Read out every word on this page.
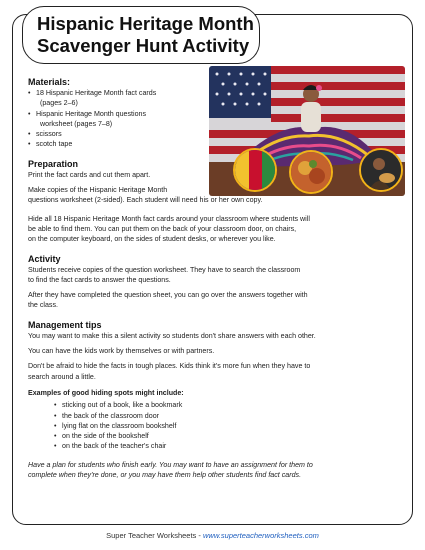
Hispanic Heritage Month
Scavenger Hunt Activity
Materials:
• 18 Hispanic Heritage Month fact cards
(pages 2–6)
• Hispanic Heritage Month questions
worksheet (pages 7–8)
• scissors
• scotch tape
Preparation

Print the fact cards and cut them apart.

Make copies of the Hispanic Heritage Month
questions worksheet (2-sided). Each student will need his or her own copy.

Hide all 18 Hispanic Heritage Month fact cards around your classroom where students will
be able to find them. You can put them on the back of your classroom door, on chairs,
on the computer keyboard, on the sides of student desks, or wherever you like.

Activity

Students receive copies of the question worksheet. They have to search the classroom
to find the fact cards to answer the questions.

After they have completed the question sheet, you can go over the answers together with
the class.

Management tips

You may want to make this a silent activity so students don't share answers with each other.

You can have the kids work by themselves or with partners.

Don't be afraid to hide the facts in tough places. Kids think it's more fun when they have to
search around a little.

Examples of good hiding spots might include:

• sticking out of a book, like a bookmark
• the back of the classroom door
• lying flat on the classroom bookshelf
• on the side of the bookshelf
• on the back of the teacher's chair

Have a plan for students who finish early. You may want to have an assignment for them to
complete when they're done, or you may have them help other students find fact cards.

Super Teacher Worksheets - www.superteacherworksheets.com
